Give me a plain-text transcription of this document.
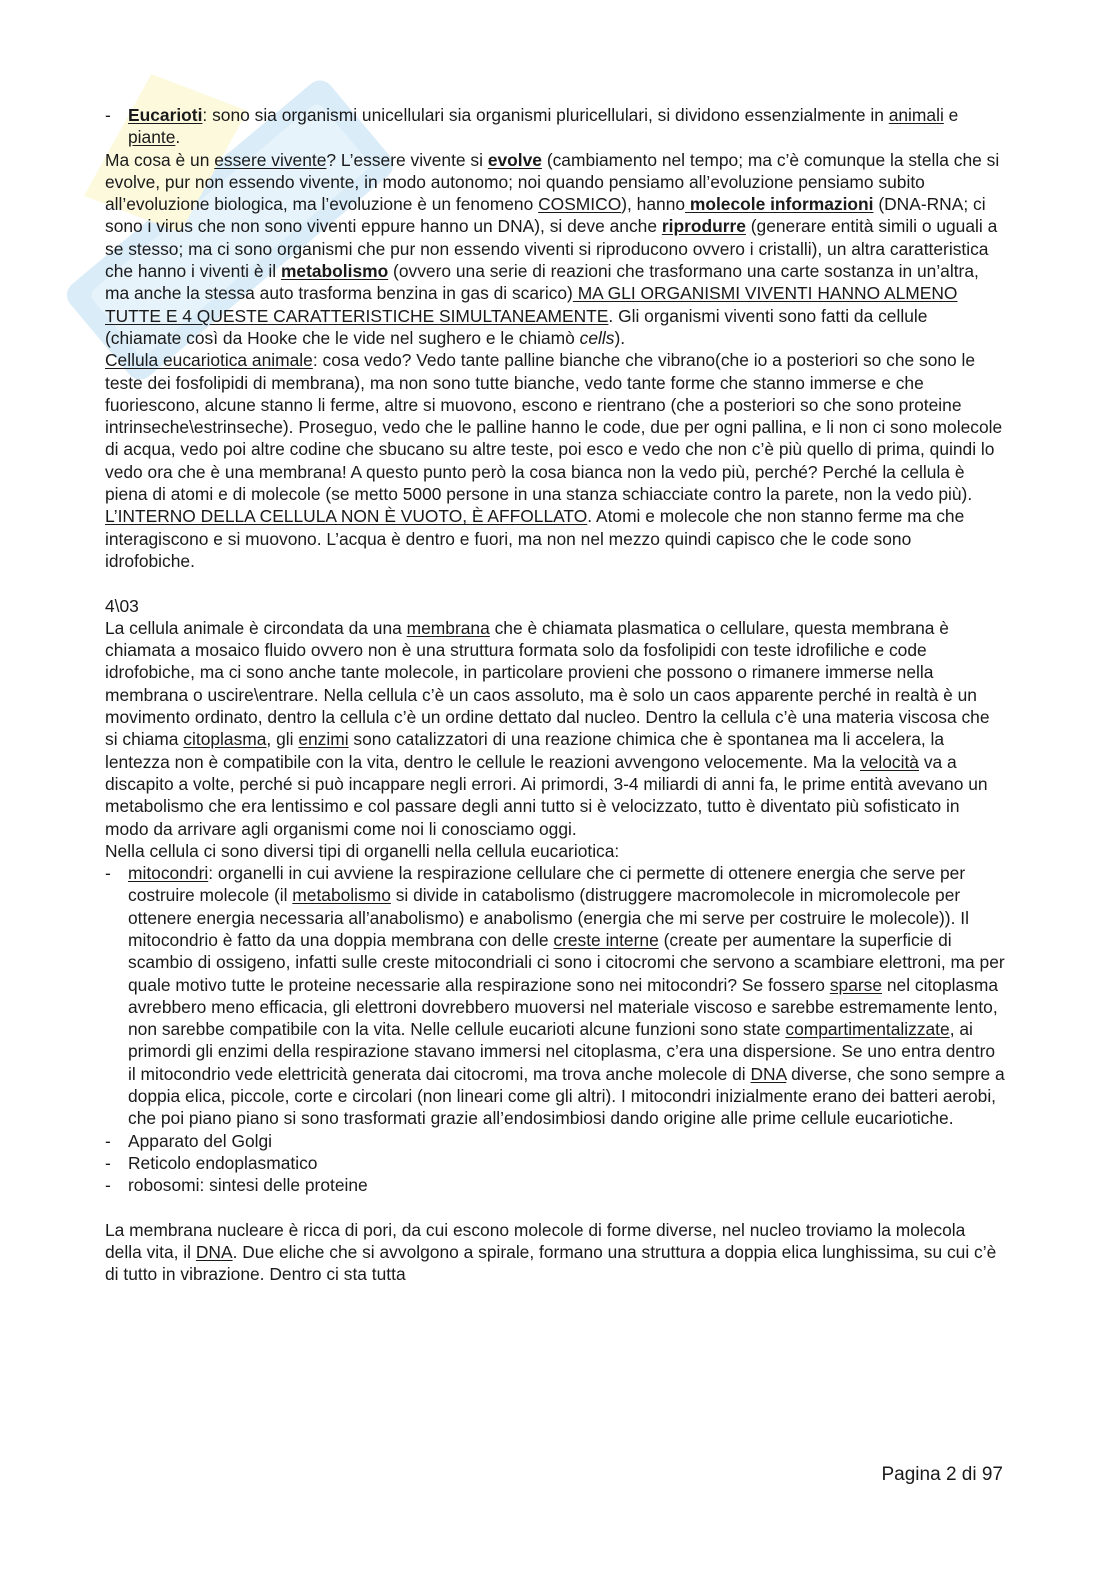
- Eucarioti: sono sia organismi unicellulari sia organismi pluricellulari, si dividono essenzialmente in animali e piante.

Ma cosa è un essere vivente? L’essere vivente si evolve (cambiamento nel tempo; ma c’è comunque la stella che si evolve, pur non essendo vivente, in modo autonomo; noi quando pensiamo all’evoluzione pensiamo subito all’evoluzione biologica, ma l’evoluzione è un fenomeno COSMICO), hanno molecole informazioni (DNA-RNA; ci sono i virus che non sono viventi eppure hanno un DNA), si deve anche riprodurre (generare entità simili o uguali a se stesso; ma ci sono organismi che pur non essendo viventi si riproducono ovvero i cristalli), un altra caratteristica che hanno i viventi è il metabolismo (ovvero una serie di reazioni che trasformano una carte sostanza in un’altra, ma anche la stessa auto trasforma benzina in gas di scarico) MA GLI ORGANISMI VIVENTI HANNO ALMENO TUTTE E 4 QUESTE CARATTERISTICHE SIMULTANEAMENTE. Gli organismi viventi sono fatti da cellule (chiamate così da Hooke che le vide nel sughero e le chiamò cells).

Cellula eucariotica animale: cosa vedo? Vedo tante palline bianche che vibrano(che io a posteriori so che sono le teste dei fosfolipidi di membrana), ma non sono tutte bianche, vedo tante forme che stanno immerse e che fuoriescono, alcune stanno li ferme, altre si muovono, escono e rientrano (che a posteriori so che sono proteine intrinseche\estrinseche). Proseguo, vedo che le palline hanno le code, due per ogni pallina, e li non ci sono molecole di acqua, vedo poi altre codine che sbucano su altre teste, poi esco e vedo che non c’è più quello di prima, quindi lo vedo ora che è una membrana! A questo punto però la cosa bianca non la vedo più, perché? Perché la cellula è piena di atomi e di molecole (se metto 5000 persone in una stanza schiacciate contro la parete, non la vedo più). L’INTERNO DELLA CELLULA NON È VUOTO, È AFFOLLATO. Atomi e molecole che non stanno ferme ma che interagiscono e si muovono. L’acqua è dentro e fuori, ma non nel mezzo quindi capisco che le code sono idrofobiche.

4\03

La cellula animale è circondata da una membrana che è chiamata plasmatica o cellulare, questa membrana è chiamata a mosaico fluido ovvero non è una struttura formata solo da fosfolipidi con teste idrofiliche e code idrofobiche, ma ci sono anche tante molecole, in particolare provieni che possono o rimanere immerse nella membrana o uscire\entrare. Nella cellula c’è un caos assoluto, ma è solo un caos apparente perché in realtà è un movimento ordinato, dentro la cellula c’è un ordine dettato dal nucleo. Dentro la cellula c’è una materia viscosa che si chiama citoplasma, gli enzimi sono catalizzatori di una reazione chimica che è spontanea ma li accelera, la lentezza non è compatibile con la vita, dentro le cellule le reazioni avvengono velocemente. Ma la velocità va a discapito a volte, perché si può incappare negli errori. Ai primordi, 3-4 miliardi di anni fa, le prime entità avevano un metabolismo che era lentissimo e col passare degli anni tutto si è velocizzato, tutto è diventato più sofisticato in modo da arrivare agli organismi come noi li conosciamo oggi.

Nella cellula ci sono diversi tipi di organelli nella cellula eucariotica:

- mitocondri: organelli in cui avviene la respirazione cellulare che ci permette di ottenere energia che serve per costruire molecole (il metabolismo si divide in catabolismo (distruggere macromolecole in micromolecole per ottenere energia necessaria all’anabolismo) e anabolismo (energia che mi serve per costruire le molecole)). Il mitocondrio è fatto da una doppia membrana con delle creste interne (create per aumentare la superficie di scambio di ossigeno, infatti sulle creste mitocondriali ci sono i citocromi che servono a scambiare elettroni, ma per quale motivo tutte le proteine necessarie alla respirazione sono nei mitocondri? Se fossero sparse nel citoplasma avrebbero meno efficacia, gli elettroni dovrebbero muoversi nel materiale viscoso e sarebbe estremamente lento, non sarebbe compatibile con la vita. Nelle cellule eucarioti alcune funzioni sono state compartimentalizzate, ai primordi gli enzimi della respirazione stavano immersi nel citoplasma, c’era una dispersione. Se uno entra dentro il mitocondrio vede elettricità generata dai citocromi, ma trova anche molecole di DNA diverse, che sono sempre a doppia elica, piccole, corte e circolari (non lineari come gli altri). I mitocondri inizialmente erano dei batteri aerobi, che poi piano piano si sono trasformati grazie all’endosimbiosi dando origine alle prime cellule eucariotiche.

- Apparato del Golgi

- Reticolo endoplasmatico

- robosomi: sintesi delle proteine

La membrana nucleare è ricca di pori, da cui escono molecole di forme diverse, nel nucleo troviamo la molecola della vita, il DNA. Due eliche che si avvolgono a spirale, formano una struttura a doppia elica lunghissima, su cui c’è di tutto in vibrazione. Dentro ci sta tutta

Pagina 2 di 97
